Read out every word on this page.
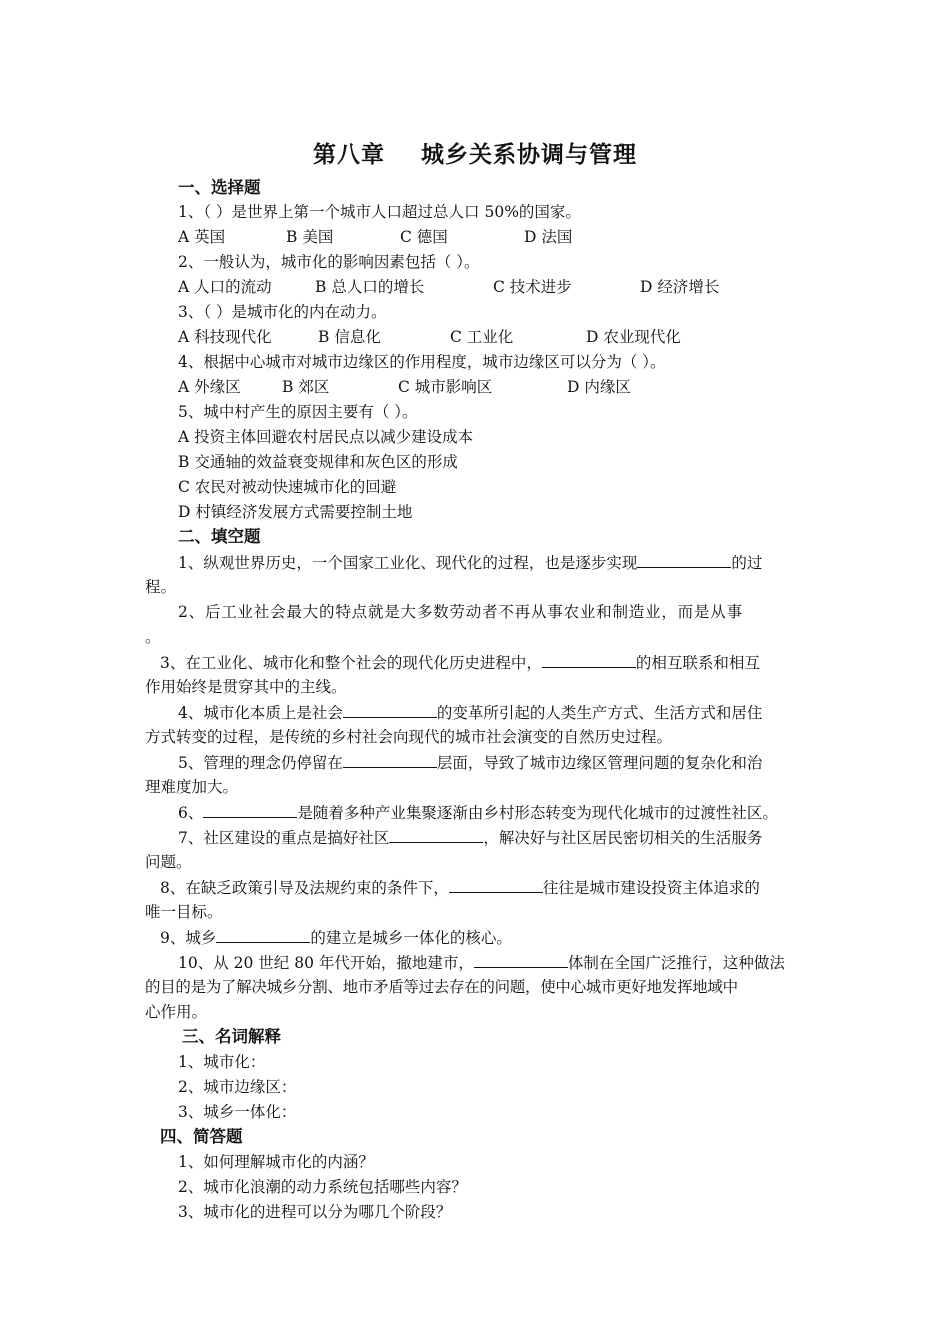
第八章    城乡关系协调与管理
一、选择题
1、（ ）是世界上第一个城市人口超过总人口 50%的国家。
A 英国	B 美国	C 德国	D 法国
2、一般认为，城市化的影响因素包括（ ）。
A 人口的流动	B 总人口的增长	C 技术进步	D 经济增长
3、（ ）是城市化的内在动力。
A 科技现代化	B 信息化	C 工业化	D 农业现代化
4、根据中心城市对城市边缘区的作用程度，城市边缘区可以分为（ ）。
A 外缘区	B 郊区	C 城市影响区	D 内缘区
5、城中村产生的原因主要有（ ）。
A 投资主体回避农村居民点以减少建设成本
B 交通轴的效益衰变规律和灰色区的形成
C 农民对被动快速城市化的回避
D 村镇经济发展方式需要控制土地
二、填空题
1、纵观世界历史，一个国家工业化、现代化的过程，也是逐步实现	的过
程。
2、后工业社会最大的特点就是大多数劳动者不再从事农业和制造业，而是从事
。
3、在工业化、城市化和整个社会的现代化历史进程中，	的相互联系和相互
作用始终是贯穿其中的主线。
4、城市化本质上是社会	的变革所引起的人类生产方式、生活方式和居住
方式转变的过程，是传统的乡村社会向现代的城市社会演变的自然历史过程。
5、管理的理念仍停留在	层面，导致了城市边缘区管理问题的复杂化和治
理难度加大。
6、	是随着多种产业集聚逐渐由乡村形态转变为现代化城市的过渡性社区。
7、社区建设的重点是搞好社区	，解决好与社区居民密切相关的生活服务
问题。
8、在缺乏政策引导及法规约束的条件下，	往往是城市建设投资主体追求的
唯一目标。
9、城乡	的建立是城乡一体化的核心。
10、从 20 世纪 80 年代开始，撤地建市，	体制在全国广泛推行，这种做法
的目的是为了解决城乡分割、地市矛盾等过去存在的问题，使中心城市更好地发挥地域中
心作用。
三、名词解释
1、城市化：
2、城市边缘区：
3、城乡一体化：
四、简答题
1、如何理解城市化的内涵？
2、城市化浪潮的动力系统包括哪些内容？
3、城市化的进程可以分为哪几个阶段？
